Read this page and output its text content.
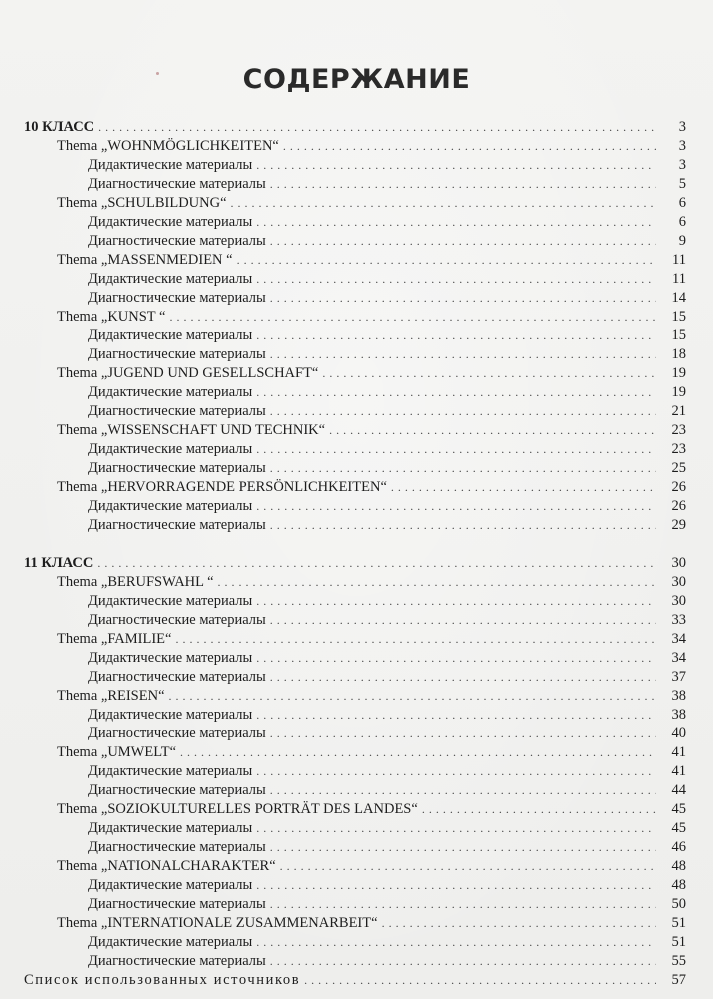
СОДЕРЖАНИЕ
10 КЛАСС . . .	3
Thema „WOHNMÖGLICHKEITEN“ . . .	3
Дидактические материалы . . .	3
Диагностические материалы . . .	5
Thema „SCHULBILDUNG“ . . .	6
Дидактические материалы . . .	6
Диагностические материалы . . .	9
Thema „MASSENMEDIEN “ . . .	11
Дидактические материалы . . .	11
Диагностические материалы . . .	14
Thema „KUNST “ . . .	15
Дидактические материалы . . .	15
Диагностические материалы . . .	18
Thema „JUGEND UND GESELLSCHAFT“ . . .	19
Дидактические материалы . . .	19
Диагностические материалы . . .	21
Thema „WISSENSCHAFT UND TECHNIK“ . . .	23
Дидактические материалы . . .	23
Диагностические материалы . . .	25
Thema „HERVORRAGENDE PERSÖNLICHKEITEN“ . . .	26
Дидактические материалы . . .	26
Диагностические материалы . . .	29
11 КЛАСС . . .	30
Thema „BERUFSWAHL “ . . .	30
Дидактические материалы . . .	30
Диагностические материалы . . .	33
Thema „FAMILIE“ . . .	34
Дидактические материалы . . .	34
Диагностические материалы . . .	37
Thema „REISEN“ . . .	38
Дидактические материалы . . .	38
Диагностические материалы . . .	40
Thema „UMWELT“ . . .	41
Дидактические материалы . . .	41
Диагностические материалы . . .	44
Thema „SOZIOKULTURELLES PORTRÄT DES LANDES“ . . .	45
Дидактические материалы . . .	45
Диагностические материалы . . .	46
Thema „NATIONALCHARAKTER“ . . .	48
Дидактические материалы . . .	48
Диагностические материалы . . .	50
Thema „INTERNATIONALE ZUSAMMENARBEIT“ . . .	51
Дидактические материалы . . .	51
Диагностические материалы . . .	55
Список использованных источников . . .	57
